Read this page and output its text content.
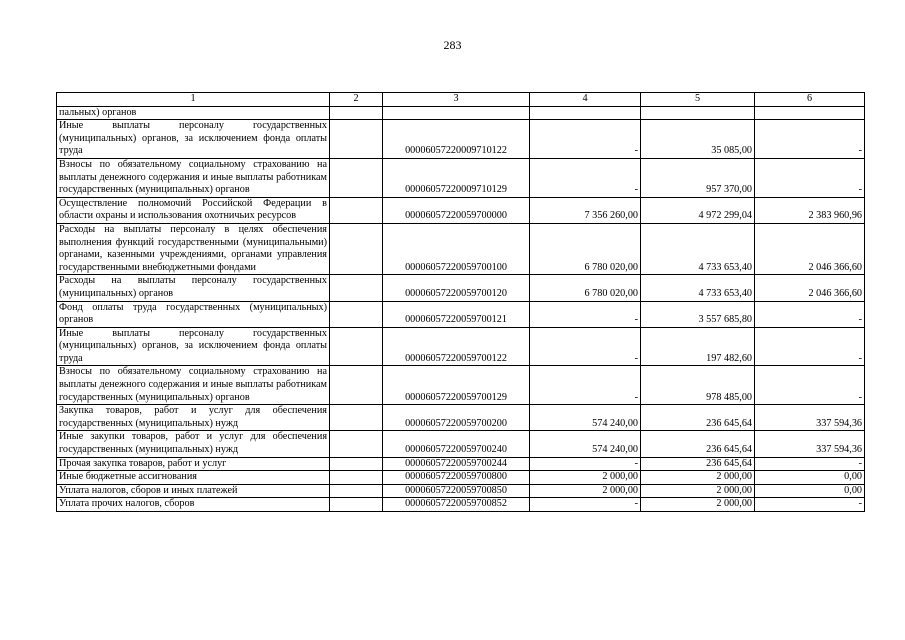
283
1	2	3	4	5	6
пальных) органов					
Иные выплаты персоналу государственных (муниципальных) органов, за исключением фонда оплаты труда		00006057220009710122	-	35 085,00	-
Взносы по обязательному социальному страхованию на выплаты денежного содержания и иные выплаты работникам государственных (муниципальных) органов		00006057220009710129	-	957 370,00	-
Осуществление полномочий Российской Федерации в области охраны и использования охотничьих ресурсов		00006057220059700000	7 356 260,00	4 972 299,04	2 383 960,96
Расходы на выплаты персоналу в целях обеспечения выполнения функций государственными (муниципальными) органами, казенными учреждениями, органами управления государственными внебюджетными фондами		00006057220059700100	6 780 020,00	4 733 653,40	2 046 366,60
Расходы на выплаты персоналу государственных (муниципальных) органов		00006057220059700120	6 780 020,00	4 733 653,40	2 046 366,60
Фонд оплаты труда государственных (муниципальных) органов		00006057220059700121	-	3 557 685,80	-
Иные выплаты персоналу государственных (муниципальных) органов, за исключением фонда оплаты труда		00006057220059700122	-	197 482,60	-
Взносы по обязательному социальному страхованию на выплаты денежного содержания и иные выплаты работникам государственных (муниципальных) органов		00006057220059700129	-	978 485,00	-
Закупка товаров, работ и услуг для обеспечения государственных (муниципальных) нужд		00006057220059700200	574 240,00	236 645,64	337 594,36
Иные закупки товаров, работ и услуг для обеспечения государственных (муниципальных) нужд		00006057220059700240	574 240,00	236 645,64	337 594,36
Прочая закупка товаров, работ и услуг		00006057220059700244	-	236 645,64	-
Иные бюджетные ассигнования		00006057220059700800	2 000,00	2 000,00	0,00
Уплата налогов, сборов и иных платежей		00006057220059700850	2 000,00	2 000,00	0,00
Уплата прочих налогов, сборов		00006057220059700852	-	2 000,00	-
